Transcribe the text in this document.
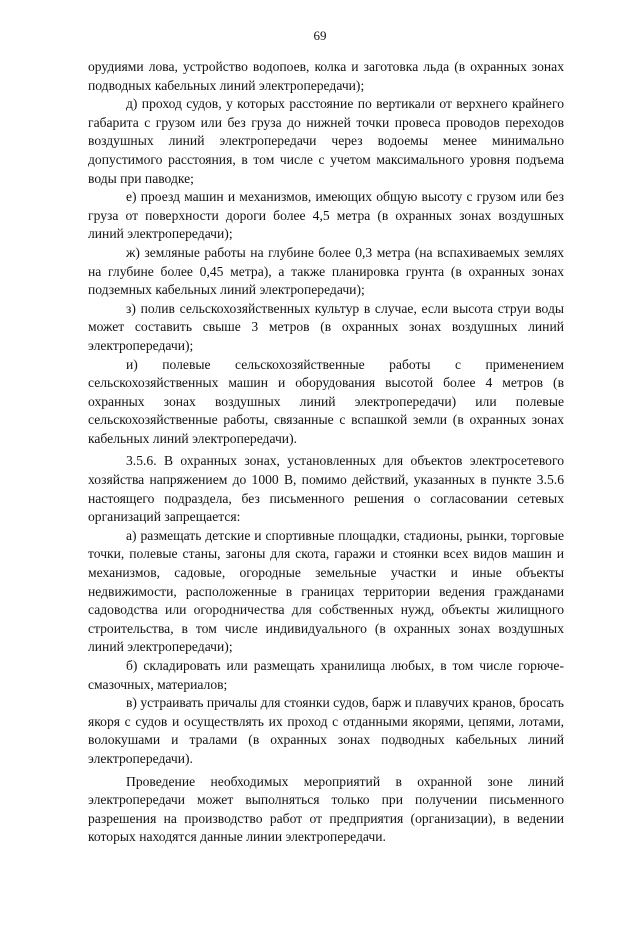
69

орудиями лова, устройство водопоев, колка и заготовка льда (в охранных зонах подводных кабельных линий электропередачи);

д) проход судов, у которых расстояние по вертикали от верхнего крайнего габарита с грузом или без груза до нижней точки провеса проводов переходов воздушных линий электропередачи через водоемы менее минимально допустимого расстояния, в том числе с учетом максимального уровня подъема воды при паводке;

е) проезд машин и механизмов, имеющих общую высоту с грузом или без груза от поверхности дороги более 4,5 метра (в охранных зонах воздушных линий электропередачи);

ж) земляные работы на глубине более 0,3 метра (на вспахиваемых землях на глубине более 0,45 метра), а также планировка грунта (в охранных зонах подземных кабельных линий электропередачи);

з) полив сельскохозяйственных культур в случае, если высота струи воды может составить свыше 3 метров (в охранных зонах воздушных линий электропередачи);

и) полевые сельскохозяйственные работы с применением сельскохозяйственных машин и оборудования высотой более 4 метров (в охранных зонах воздушных линий электропередачи) или полевые сельскохозяйственные работы, связанные с вспашкой земли (в охранных зонах кабельных линий электропередачи).

3.5.6. В охранных зонах, установленных для объектов электросетевого хозяйства напряжением до 1000 В, помимо действий, указанных в пункте 3.5.6 настоящего подраздела, без письменного решения о согласовании сетевых организаций запрещается:

а) размещать детские и спортивные площадки, стадионы, рынки, торговые точки, полевые станы, загоны для скота, гаражи и стоянки всех видов машин и механизмов, садовые, огородные земельные участки и иные объекты недвижимости, расположенные в границах территории ведения гражданами садоводства или огородничества для собственных нужд, объекты жилищного строительства, в том числе индивидуального (в охранных зонах воздушных линий электропередачи);

б) складировать или размещать хранилища любых, в том числе горюче-смазочных, материалов;

в) устраивать причалы для стоянки судов, барж и плавучих кранов, бросать якоря с судов и осуществлять их проход с отданными якорями, цепями, лотами, волокушами и тралами (в охранных зонах подводных кабельных линий электропередачи).

Проведение необходимых мероприятий в охранной зоне линий электропередачи может выполняться только при получении письменного разрешения на производство работ от предприятия (организации), в ведении которых находятся данные линии электропередачи.
